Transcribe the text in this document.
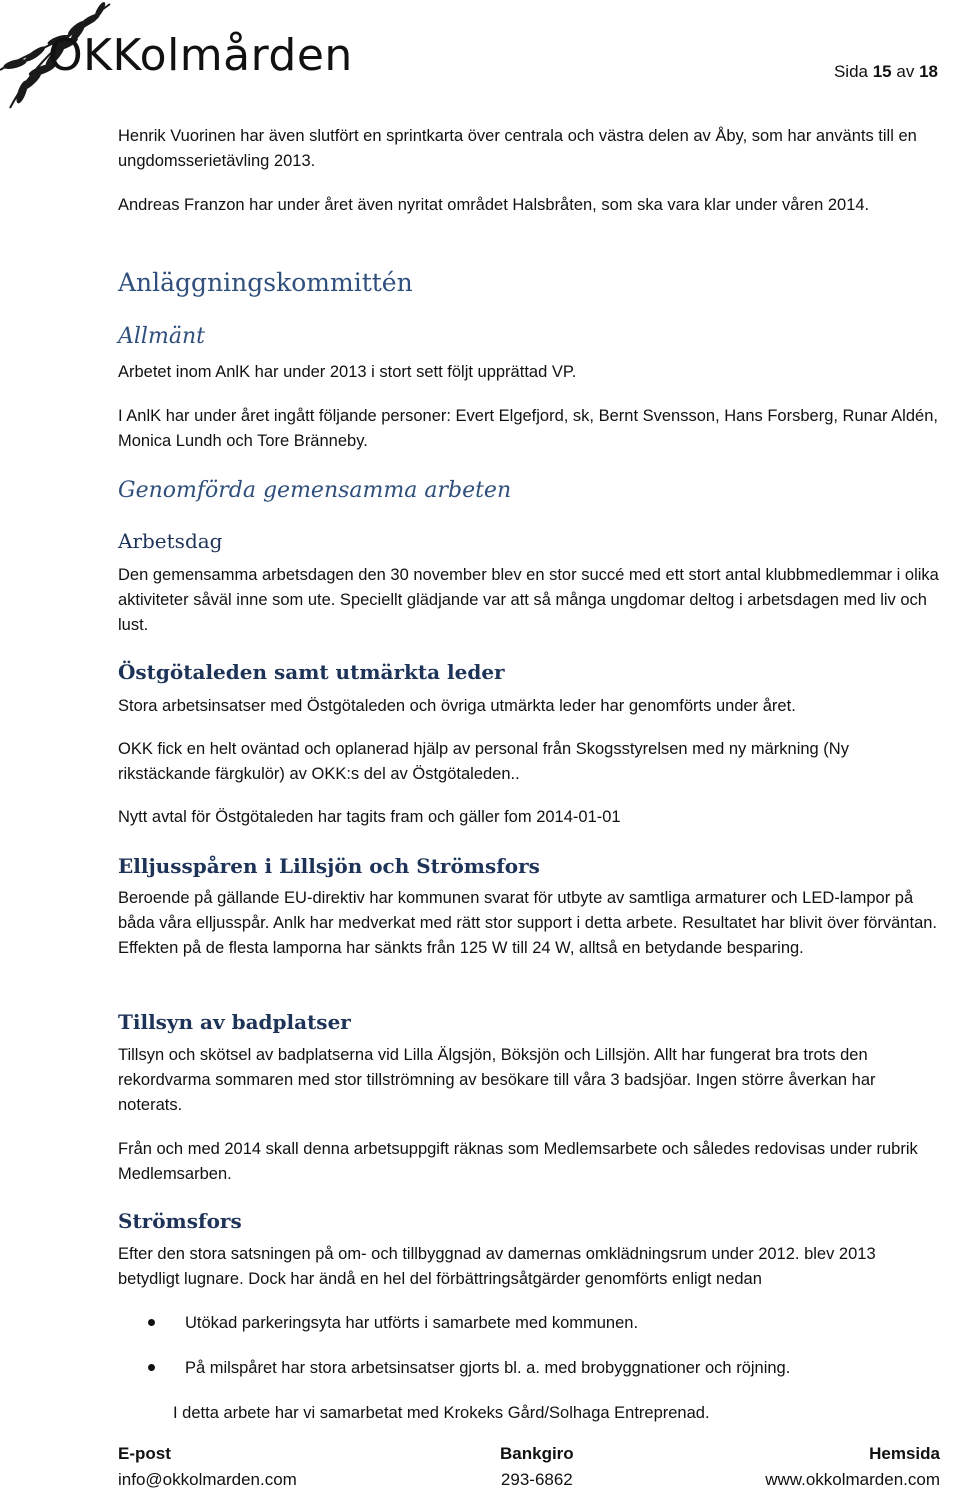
OKKolmården	Sida 15 av 18
Henrik Vuorinen har även slutfört en sprintkarta över centrala och västra delen av Åby, som har använts till en ungdomsserietävling 2013.
Andreas Franzon har under året även nyritat området Halsbråten, som ska vara klar under våren 2014.
Anläggningskommittén
Allmänt
Arbetet inom AnlK har under 2013 i stort sett följt upprättad VP.
I AnlK har under året ingått följande personer: Evert Elgefjord, sk, Bernt Svensson, Hans Forsberg, Runar Aldén, Monica Lundh och Tore Bränneby.
Genomförda gemensamma arbeten
Arbetsdag
Den gemensamma arbetsdagen den 30 november blev en stor succé med ett stort antal klubbmedlemmar i olika aktiviteter såväl inne som ute. Speciellt glädjande var att så många ungdomar deltog i arbetsdagen med liv och lust.
Östgötaleden samt utmärkta leder
Stora arbetsinsatser med Östgötaleden och övriga utmärkta leder har genomförts under året.
OKK fick en helt oväntad och oplanerad hjälp av personal från Skogsstyrelsen med ny märkning (Ny rikstäckande färgkulör) av OKK:s del av Östgötaleden..
Nytt avtal för Östgötaleden har tagits fram och gäller fom 2014-01-01
Elljusspåren i Lillsjön och Strömsfors
Beroende på gällande EU-direktiv har kommunen svarat för utbyte av samtliga armaturer och LED-lampor på båda våra elljusspår. Anlk har medverkat med rätt stor support i detta arbete. Resultatet har blivit över förväntan. Effekten på de flesta lamporna har sänkts från 125 W till 24 W, alltså en betydande besparing.
Tillsyn av badplatser
Tillsyn och skötsel av badplatserna vid Lilla Älgsjön, Böksjön och Lillsjön. Allt har fungerat bra trots den rekordvarma sommaren med stor tillströmning av besökare till våra 3 badsjöar. Ingen större åverkan har noterats.
Från och med 2014 skall denna arbetsuppgift räknas som Medlemsarbete och således redovisas under rubrik Medlemsarben.
Strömsfors
Efter den stora satsningen på om- och tillbyggnad av damernas omklädningsrum under 2012. blev 2013 betydligt lugnare. Dock har ändå en hel del förbättringsåtgärder genomförts enligt nedan
Utökad parkeringsyta har utförts i samarbete med kommunen.
På milspåret har stora arbetsinsatser gjorts bl. a. med brobyggnationer och röjning.
I detta arbete har vi samarbetat med Krokeks Gård/Solhaga Entreprenad.
E-post
info@okkolmarden.com
Bankgiro
293-6862
Hemsida
www.okkolmarden.com
